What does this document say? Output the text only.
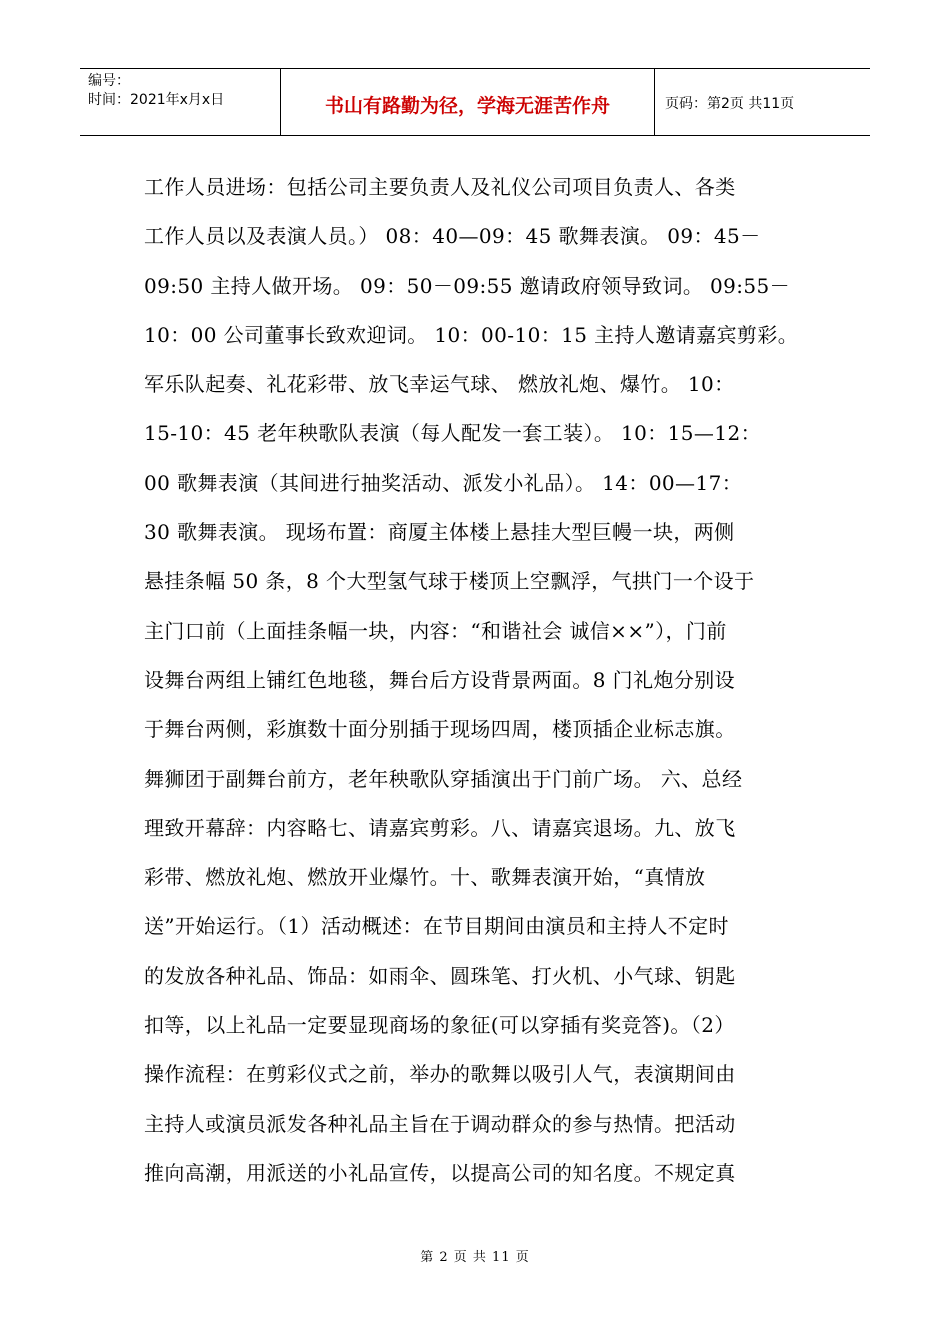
编号：
时间：2021年x月x日	书山有路勤为径，学海无涯苦作舟	页码：第2页 共11页
工作人员进场：包括公司主要负责人及礼仪公司项目负责人、各类
工作人员以及表演人员。） 08：40—09：45 歌舞表演。 09：45－
09:50 主持人做开场。 09：50－09:55 邀请政府领导致词。 09:55－
10：00 公司董事长致欢迎词。 10：00-10：15 主持人邀请嘉宾剪彩。
军乐队起奏、礼花彩带、放飞幸运气球、 燃放礼炮、爆竹。 10：
15-10：45 老年秧歌队表演（每人配发一套工装）。 10：15—12：
00 歌舞表演（其间进行抽奖活动、派发小礼品）。 14：00—17：
30 歌舞表演。 现场布置：商厦主体楼上悬挂大型巨幔一块，两侧
悬挂条幅 50 条，8 个大型氢气球于楼顶上空飘浮，气拱门一个设于
主门口前（上面挂条幅一块，内容：“和谐社会 诚信××”），门前
设舞台两组上铺红色地毯，舞台后方设背景两面。8 门礼炮分别设
于舞台两侧，彩旗数十面分别插于现场四周，楼顶插企业标志旗。
舞狮团于副舞台前方，老年秧歌队穿插演出于门前广场。 六、总经
理致开幕辞：内容略七、请嘉宾剪彩。八、请嘉宾退场。九、放飞
彩带、燃放礼炮、燃放开业爆竹。十、歌舞表演开始，“真情放
送”开始运行。（1）活动概述：在节目期间由演员和主持人不定时
的发放各种礼品、饰品：如雨伞、圆珠笔、打火机、小气球、钥匙
扣等，以上礼品一定要显现商场的象征(可以穿插有奖竞答)。（2）
操作流程：在剪彩仪式之前，举办的歌舞以吸引人气，表演期间由
主持人或演员派发各种礼品主旨在于调动群众的参与热情。把活动
推向高潮，用派送的小礼品宣传，以提高公司的知名度。不规定真
第 2 页 共 11 页
